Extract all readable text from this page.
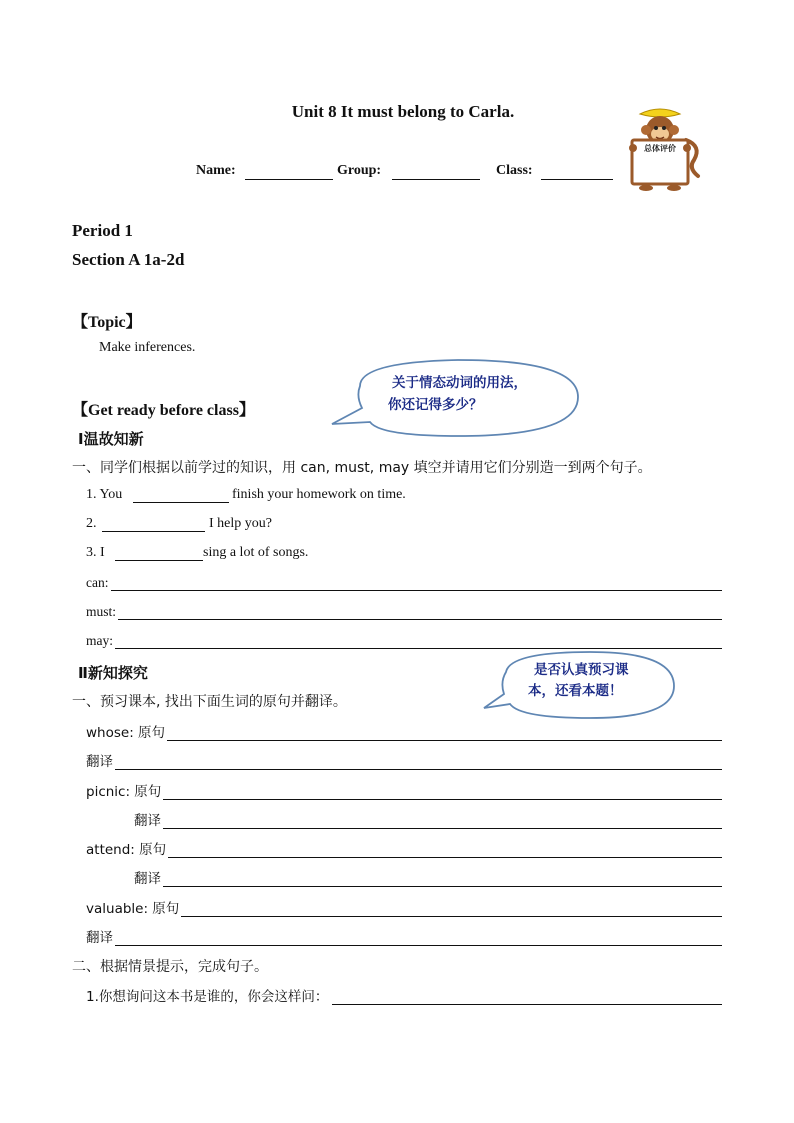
Unit 8 It must belong to Carla.
Name:	Group:	Class:
总体评价
Period 1
Section A 1a-2d
【Topic】
Make inferences.
关于情态动词的用法，
你还记得多少？
【Get ready before class】
Ⅰ温故知新
一、同学们根据以前学过的知识，用 can, must, may 填空并请用它们分别造一到两个句子。
1. You	finish your homework on time.
2.	I help you?
3. I	sing a lot of songs.
can:
must:
may:
Ⅱ新知探究	是否认真预习课
本，还看本题！
一、预习课本, 找出下面生词的原句并翻译。
whose: 原句
翻译
picnic: 原句
翻译
attend: 原句
翻译
valuable: 原句
翻译
二、根据情景提示，完成句子。
1.你想询问这本书是谁的，你会这样问：
